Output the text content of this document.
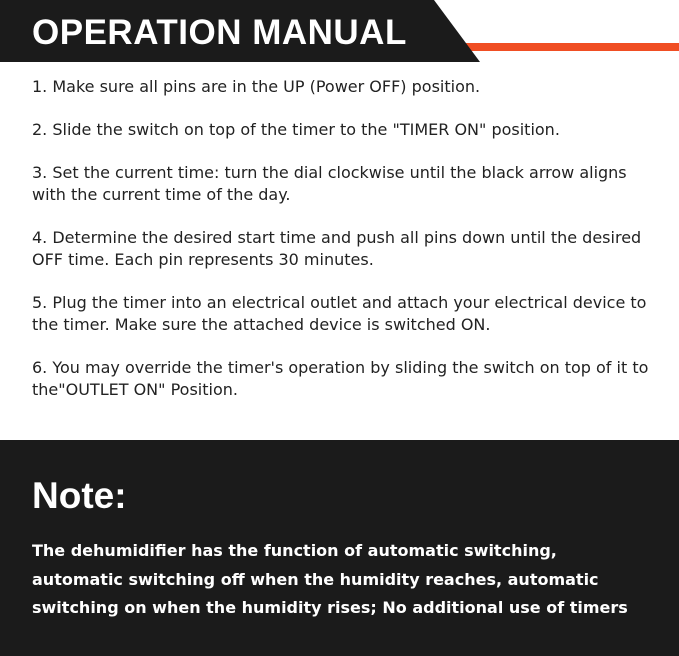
OPERATION MANUAL

1. Make sure all pins are in the UP (Power OFF) position.

2. Slide the switch on top of the timer to the "TIMER ON" position.

3. Set the current time: turn the dial clockwise until the black arrow aligns with the current time of the day.

4. Determine the desired start time and push all pins down until the desired OFF time. Each pin represents 30 minutes.

5. Plug the timer into an electrical outlet and attach your electrical device to the timer. Make sure the attached device is switched ON.

6. You may override the timer's operation by sliding the switch on top of it to the"OUTLET ON" Position.

Note:
The dehumidifier has the function of automatic switching, automatic switching off when the humidity reaches, automatic switching on when the humidity rises; No additional use of timers
